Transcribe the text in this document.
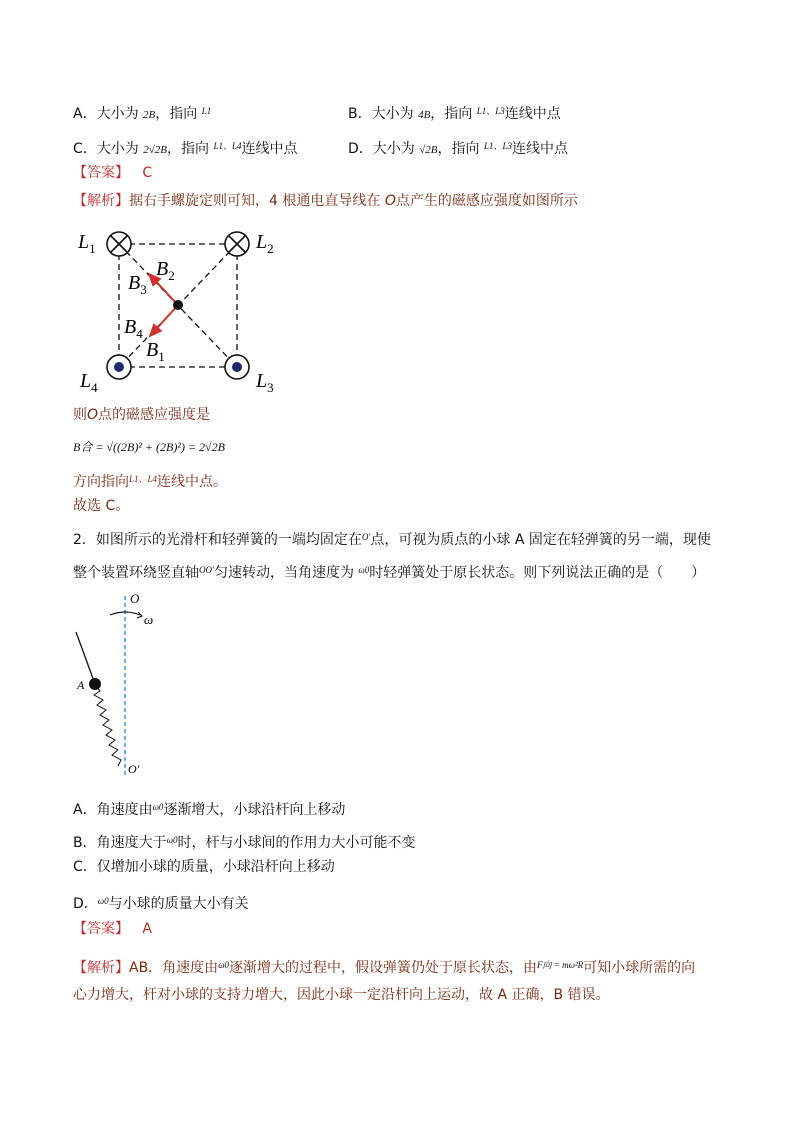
A．大小为 2B，指向 $^{L1}$	B．大小为 4B，指向 $^{L1、L3}$连线中点
C．大小为 2√2B，指向 $^{L1、L4}$连线中点	D．大小为 √2B，指向 $^{L1、L3}$连线中点
【答案】 C
【解析】据右手螺旋定则可知，4 根通电直导线在 O点产生的磁感应强度如图所示
$L_1$	$L_2$
$L_3$
$L_4$
$B_2$
$B_3$
$B_4$
$B_1$
则O点的磁感应强度是
B合 = √((2B)² + (2B)²) = 2√2B
方向指向$^{L1、L4}$连线中点。
故选 C。
2．如图所示的光滑杆和轻弹簧的一端均固定在$^{O'}$点，可视为质点的小球 A 固定在轻弹簧的另一端，现使
整个装置环绕竖直轴$^{OO'}$匀速转动，当角速度为 $^{\omega 0}$时轻弹簧处于原长状态。则下列说法正确的是（　　）
O
ω
A
O′
A．角速度由$^{\omega 0}$逐渐增大，小球沿杆向上移动
B．角速度大于$^{\omega 0}$时，杆与小球间的作用力大小可能不变
C．仅增加小球的质量，小球沿杆向上移动
D．$^{\omega 0}$与小球的质量大小有关
【答案】 A
【解析】AB．角速度由$^{\omega 0}$逐渐增大的过程中，假设弹簧仍处于原长状态，由$^{F向 = m\omega^2R}$可知小球所需的向
心力增大，杆对小球的支持力增大，因此小球一定沿杆向上运动，故 A 正确，B 错误。
